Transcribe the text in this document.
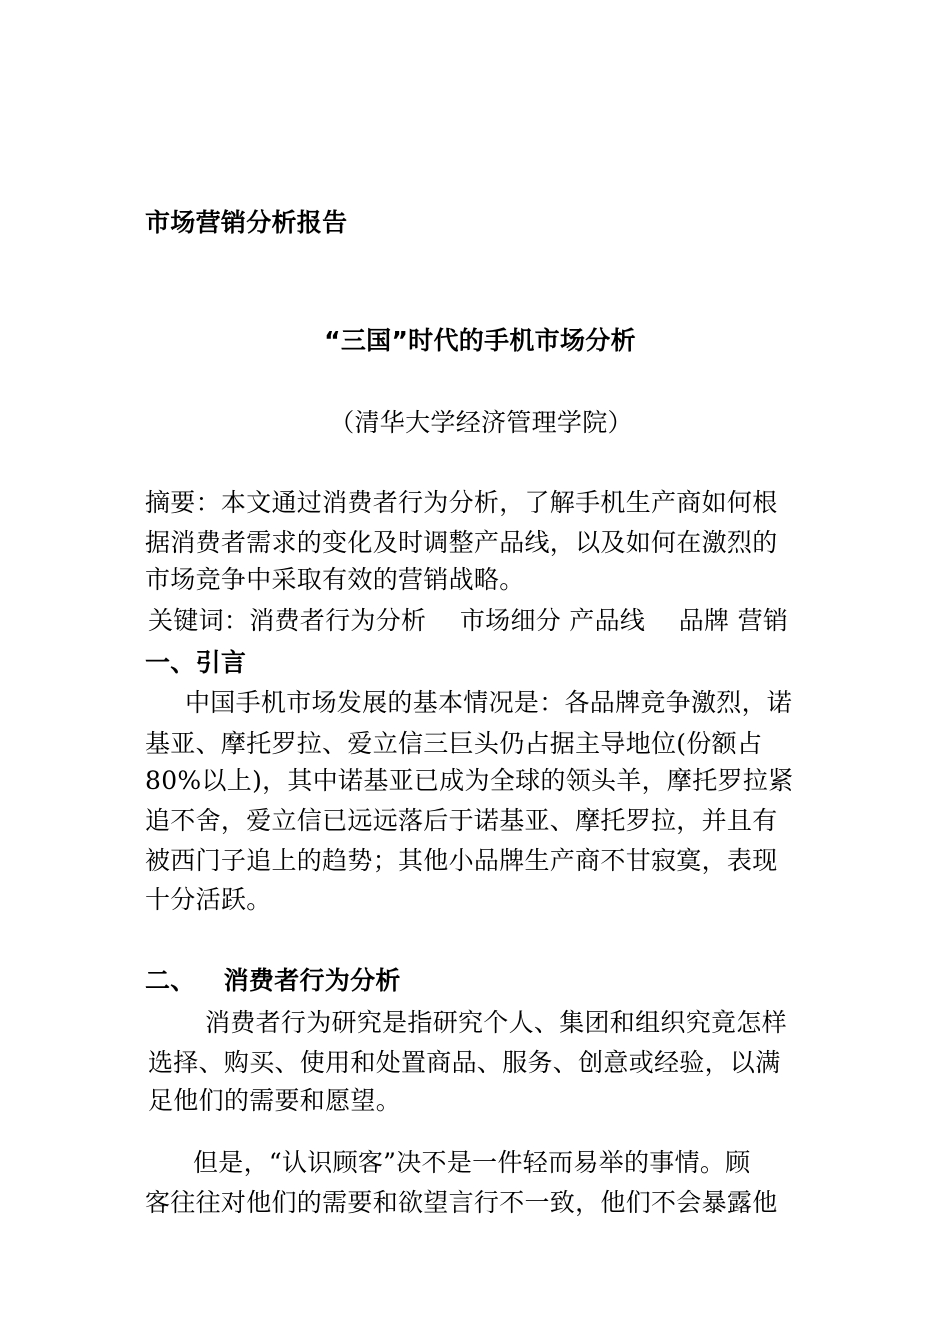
市场营销分析报告
“三国”时代的手机市场分析
（清华大学经济管理学院）
摘要：本文通过消费者行为分析，了解手机生产商如何根
据消费者需求的变化及时调整产品线，以及如何在激烈的
市场竞争中采取有效的营销战略。
关键词：消费者行为分析　 市场细分 产品线　 品牌 营销
一、引言
中国手机市场发展的基本情况是：各品牌竞争激烈，诺
基亚、摩托罗拉、爱立信三巨头仍占据主导地位(份额占
80%以上)，其中诺基亚已成为全球的领头羊，摩托罗拉紧
追不舍，爱立信已远远落后于诺基亚、摩托罗拉，并且有
被西门子追上的趋势；其他小品牌生产商不甘寂寞，表现
十分活跃。
二、 消费者行为分析
消费者行为研究是指研究个人、集团和组织究竟怎样
选择、购买、使用和处置商品、服务、创意或经验，以满
足他们的需要和愿望。
但是，“认识顾客”决不是一件轻而易举的事情。顾
客往往对他们的需要和欲望言行不一致，他们不会暴露他
